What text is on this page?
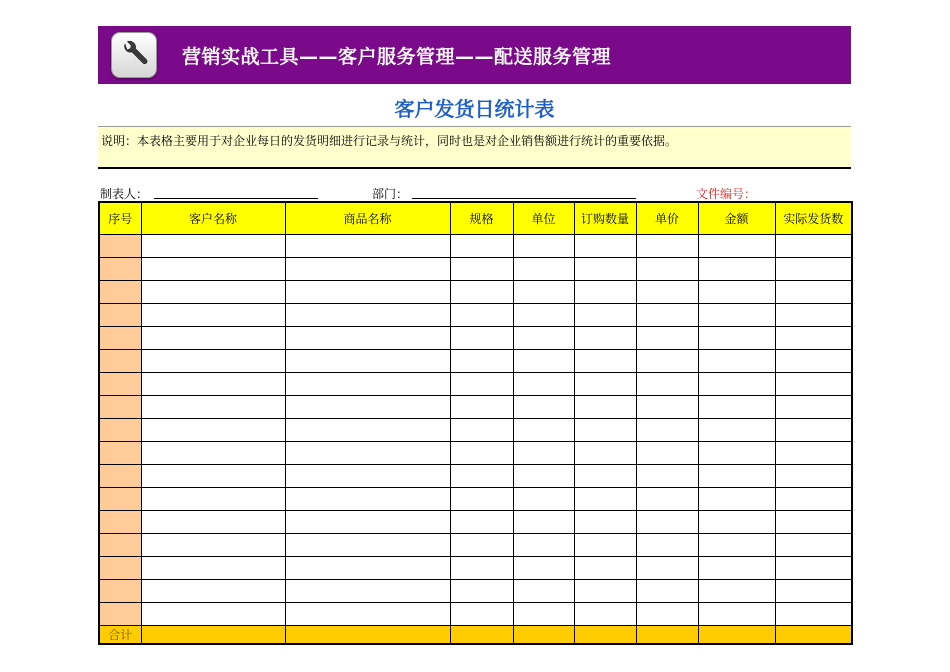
营销实战工具——客户服务管理——配送服务管理
客户发货日统计表
说明：本表格主要用于对企业每日的发货明细进行记录与统计，同时也是对企业销售额进行统计的重要依据。
制表人：	部门：	文件编号：
序号	客户名称	商品名称	规格	单位	订购数量	单价	金额	实际发货数

合计								
